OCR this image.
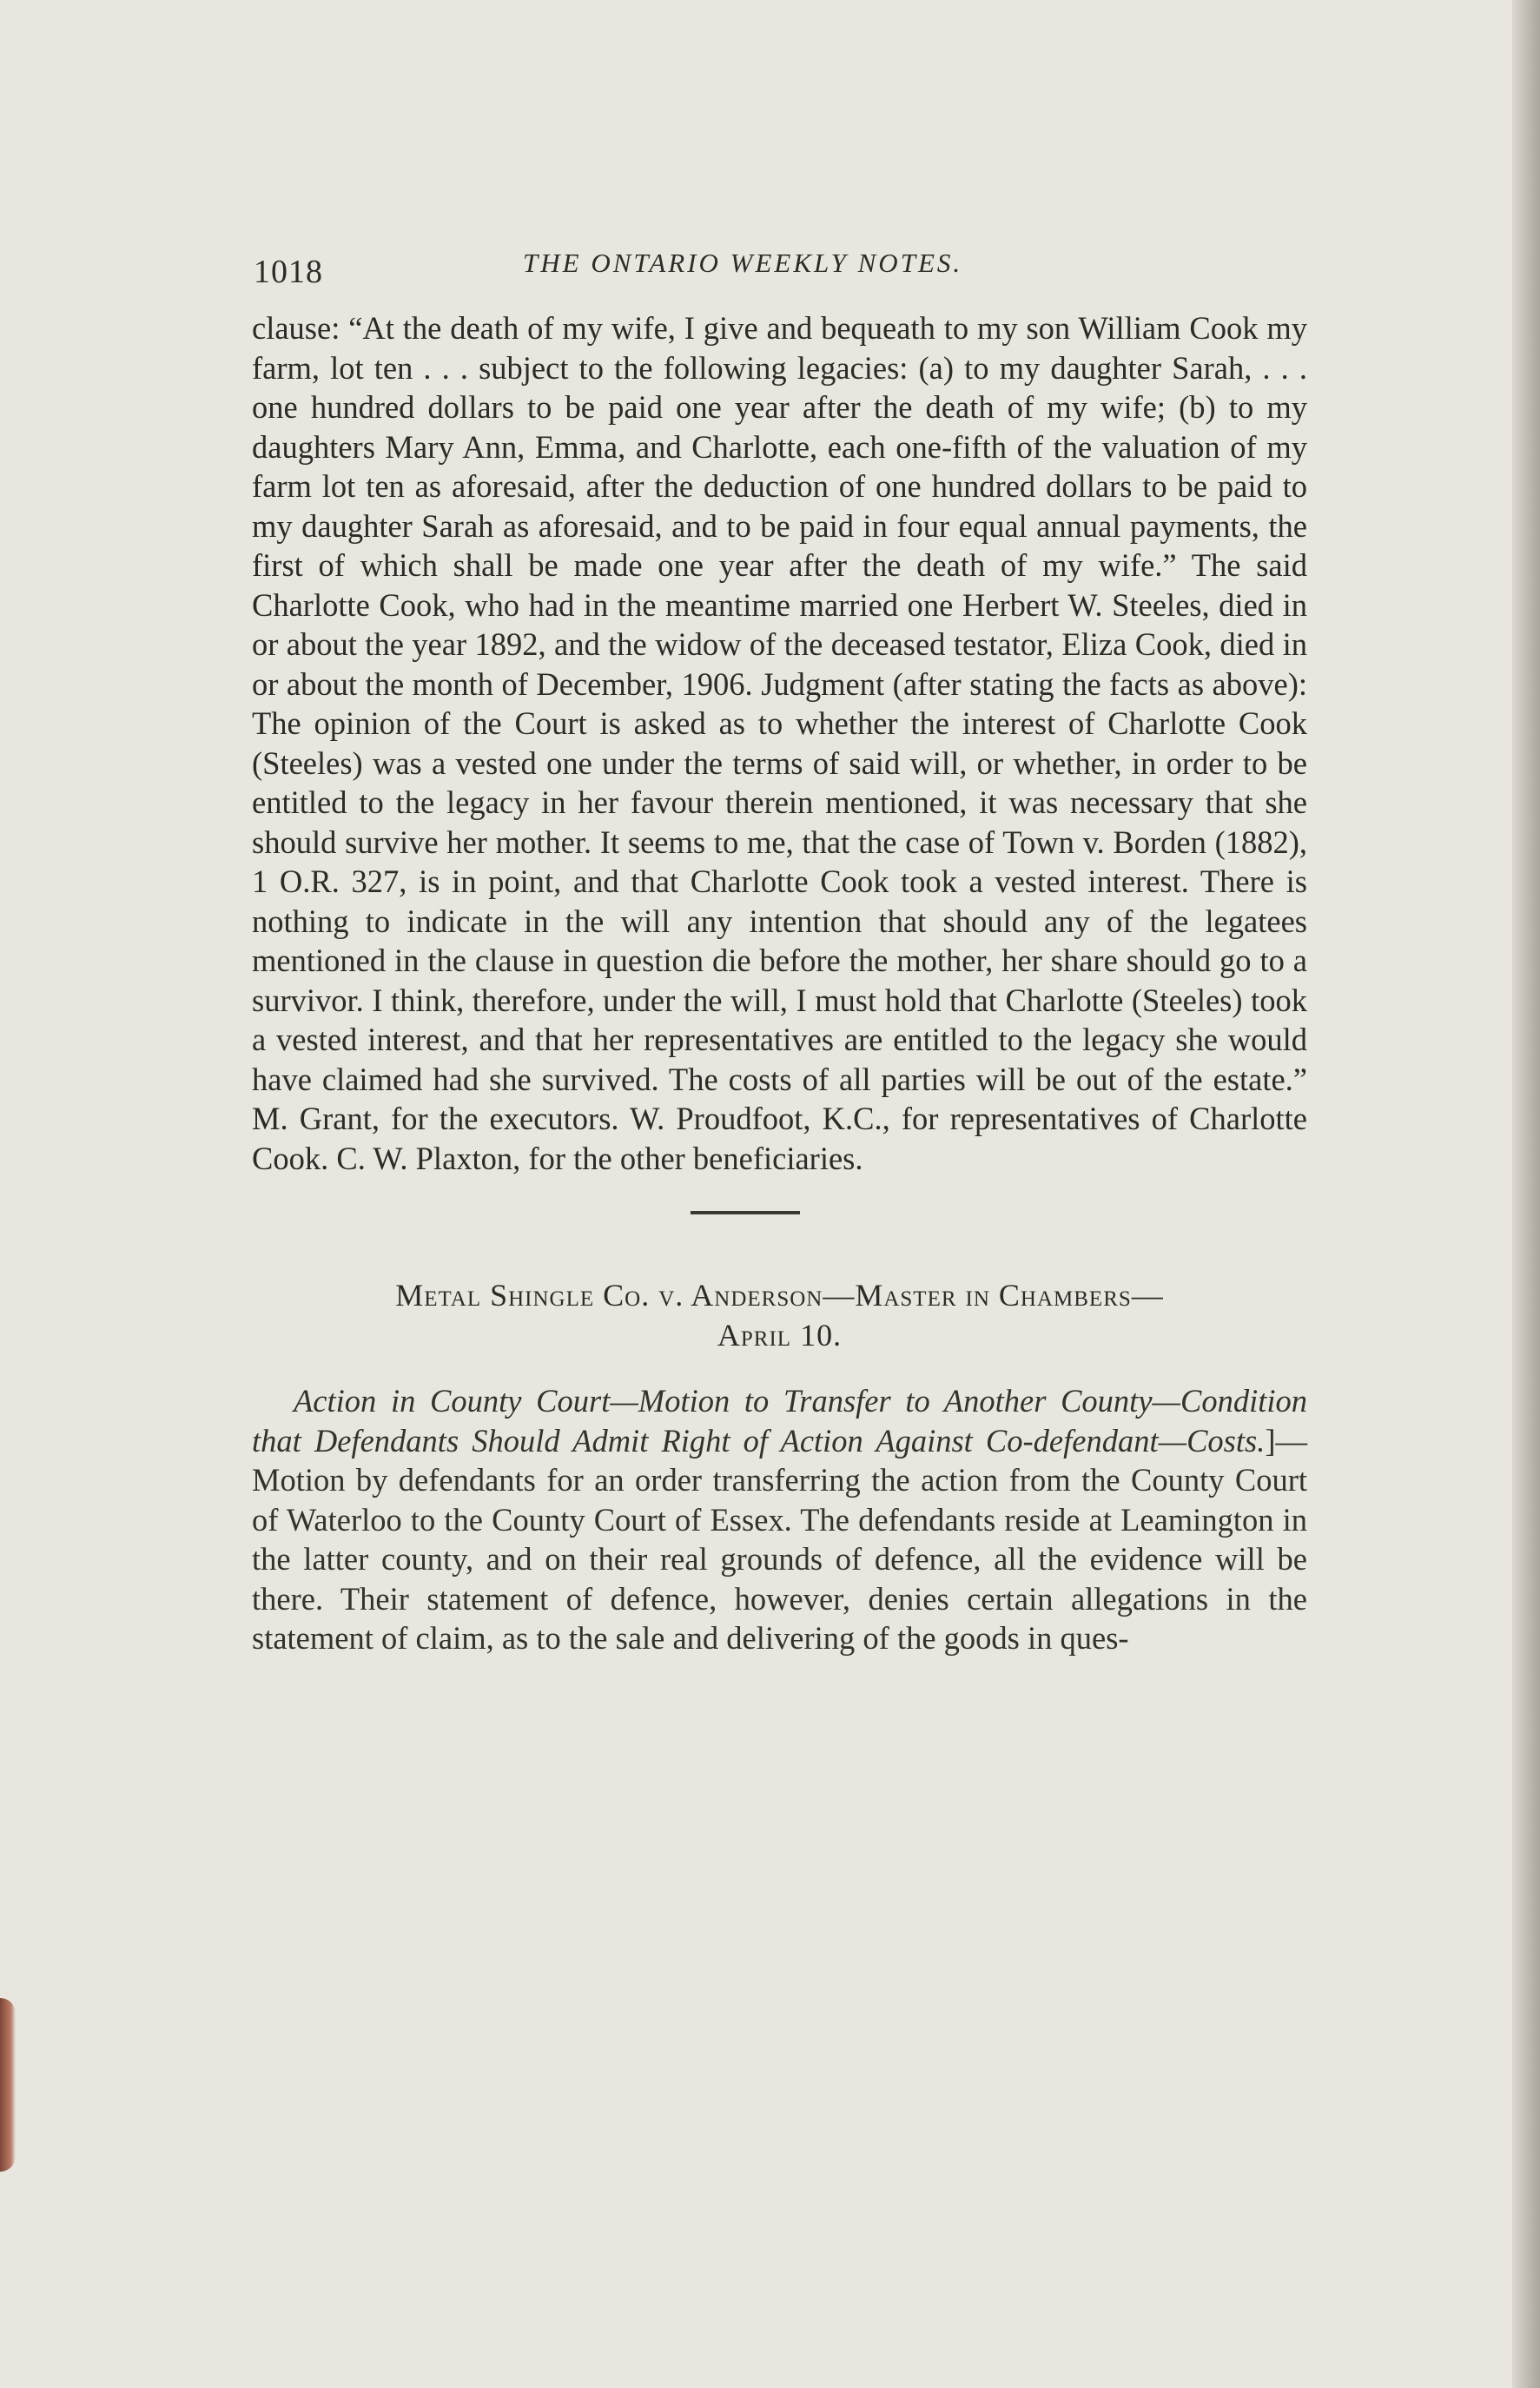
1018	THE ONTARIO WEEKLY NOTES.

clause: “At the death of my wife, I give and bequeath to my son William Cook my farm, lot ten . . . subject to the following legacies: (a) to my daughter Sarah, . . . one hundred dollars to be paid one year after the death of my wife; (b) to my daughters Mary Ann, Emma, and Charlotte, each one-fifth of the valuation of my farm lot ten as aforesaid, after the deduction of one hundred dollars to be paid to my daughter Sarah as aforesaid, and to be paid in four equal annual payments, the first of which shall be made one year after the death of my wife.” The said Charlotte Cook, who had in the meantime married one Herbert W. Steeles, died in or about the year 1892, and the widow of the deceased testator, Eliza Cook, died in or about the month of December, 1906. Judgment (after stating the facts as above): The opinion of the Court is asked as to whether the interest of Charlotte Cook (Steeles) was a vested one under the terms of said will, or whether, in order to be entitled to the legacy in her favour therein mentioned, it was necessary that she should survive her mother. It seems to me, that the case of Town v. Borden (1882), 1 O.R. 327, is in point, and that Charlotte Cook took a vested interest. There is nothing to indicate in the will any intention that should any of the legatees mentioned in the clause in question die before the mother, her share should go to a survivor. I think, therefore, under the will, I must hold that Charlotte (Steeles) took a vested interest, and that her representatives are entitled to the legacy she would have claimed had she survived. The costs of all parties will be out of the estate.” M. Grant, for the executors. W. Proudfoot, K.C., for representatives of Charlotte Cook. C. W. Plaxton, for the other beneficiaries.

Metal Shingle Co. v. Anderson—Master in Chambers—
April 10.

Action in County Court—Motion to Transfer to Another County—Condition that Defendants Should Admit Right of Action Against Co-defendant—Costs.]—Motion by defendants for an order transferring the action from the County Court of Waterloo to the County Court of Essex. The defendants reside at Leamington in the latter county, and on their real grounds of defence, all the evidence will be there. Their statement of defence, however, denies certain allegations in the statement of claim, as to the sale and delivering of the goods in ques-
